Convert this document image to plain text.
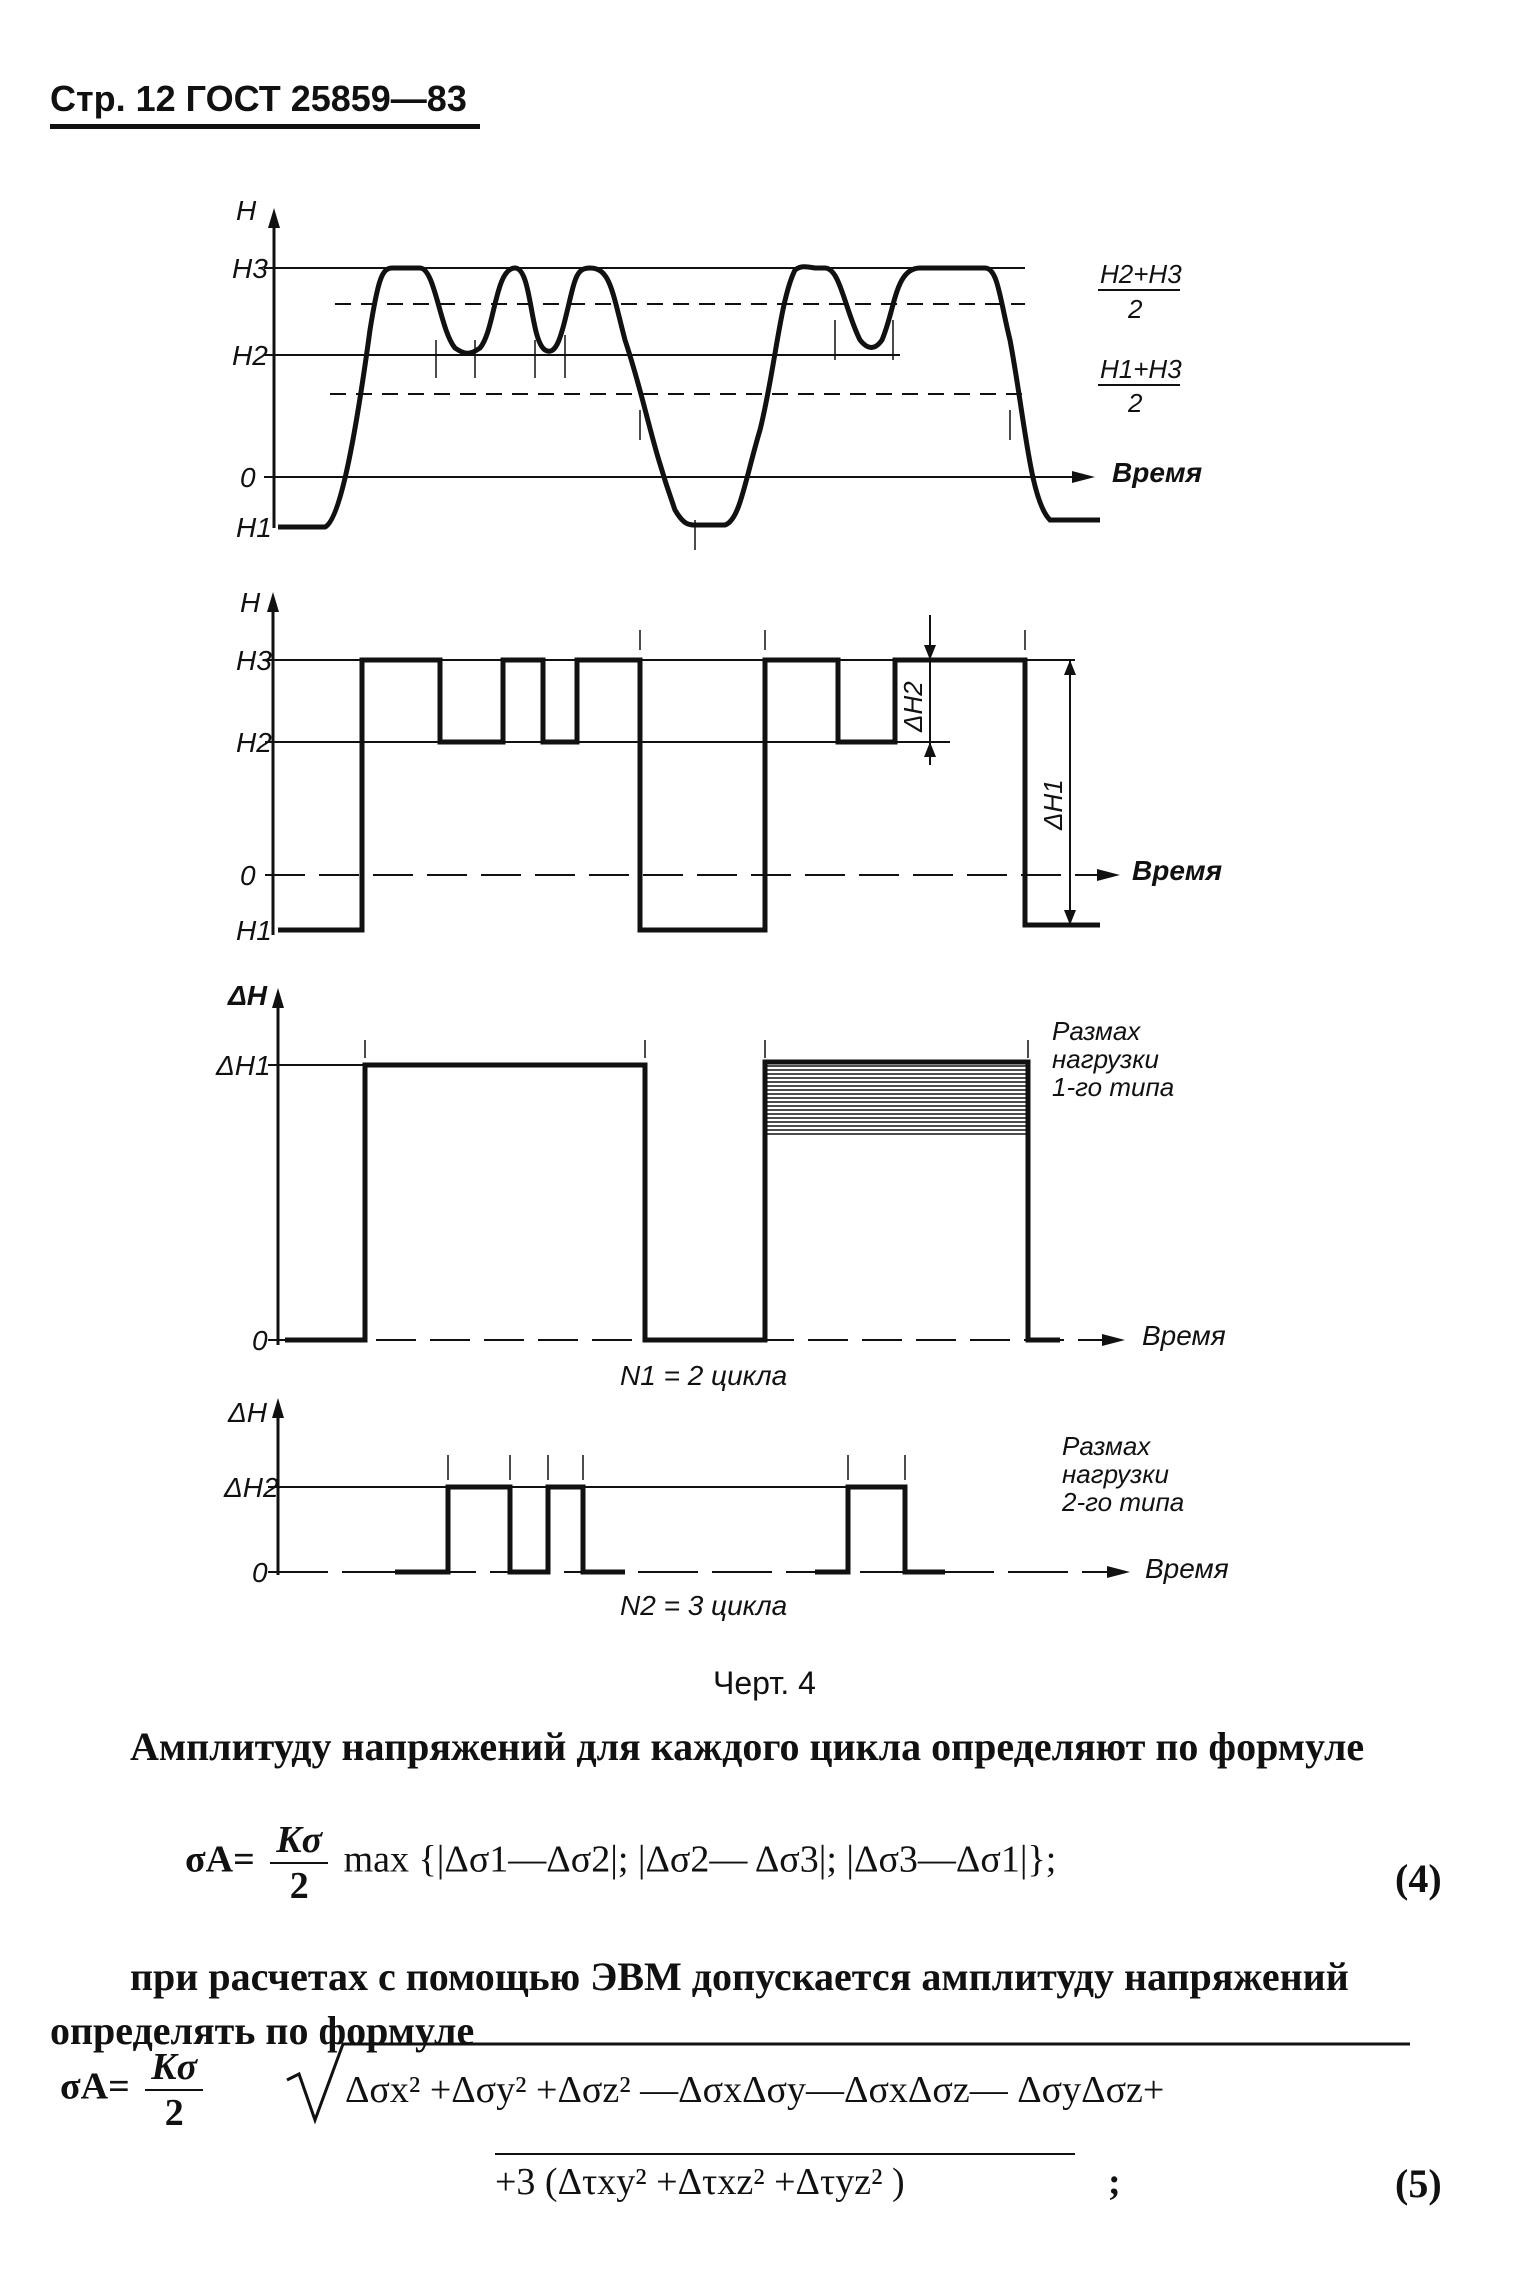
Стр. 12 ГОСТ 25859—83
H
H3
H2
0
H1
H2+H3
2
H1+H3
2
Время
H
H3
H2
0
H1
ΔH2
ΔH1
Время
ΔH
ΔH1
0
Размах
нагрузки
1-го типа
Время
N1 = 2 цикла
ΔH
ΔH2
0
Размах
нагрузки
2-го типа
Время
N2 = 3 цикла
Черт. 4
Амплитуду напряжений для каждого цикла определяют по формуле
$\sigma A= \frac{K\sigma}{2}$ max {|Δσ1—Δσ2|; |Δσ2— Δσ3|; |Δσ3—Δσ1|};	(4)
при расчетах с помощью ЭВМ допускается амплитуду напряжений определять по формуле
$\sigma A= \frac{K\sigma}{2}$	Δσx² +Δσy² +Δσz² —ΔσxΔσy—ΔσxΔσz— ΔσyΔσz+
+3 (Δτxy² +Δτxz² +Δτyz² )	;	(5)
